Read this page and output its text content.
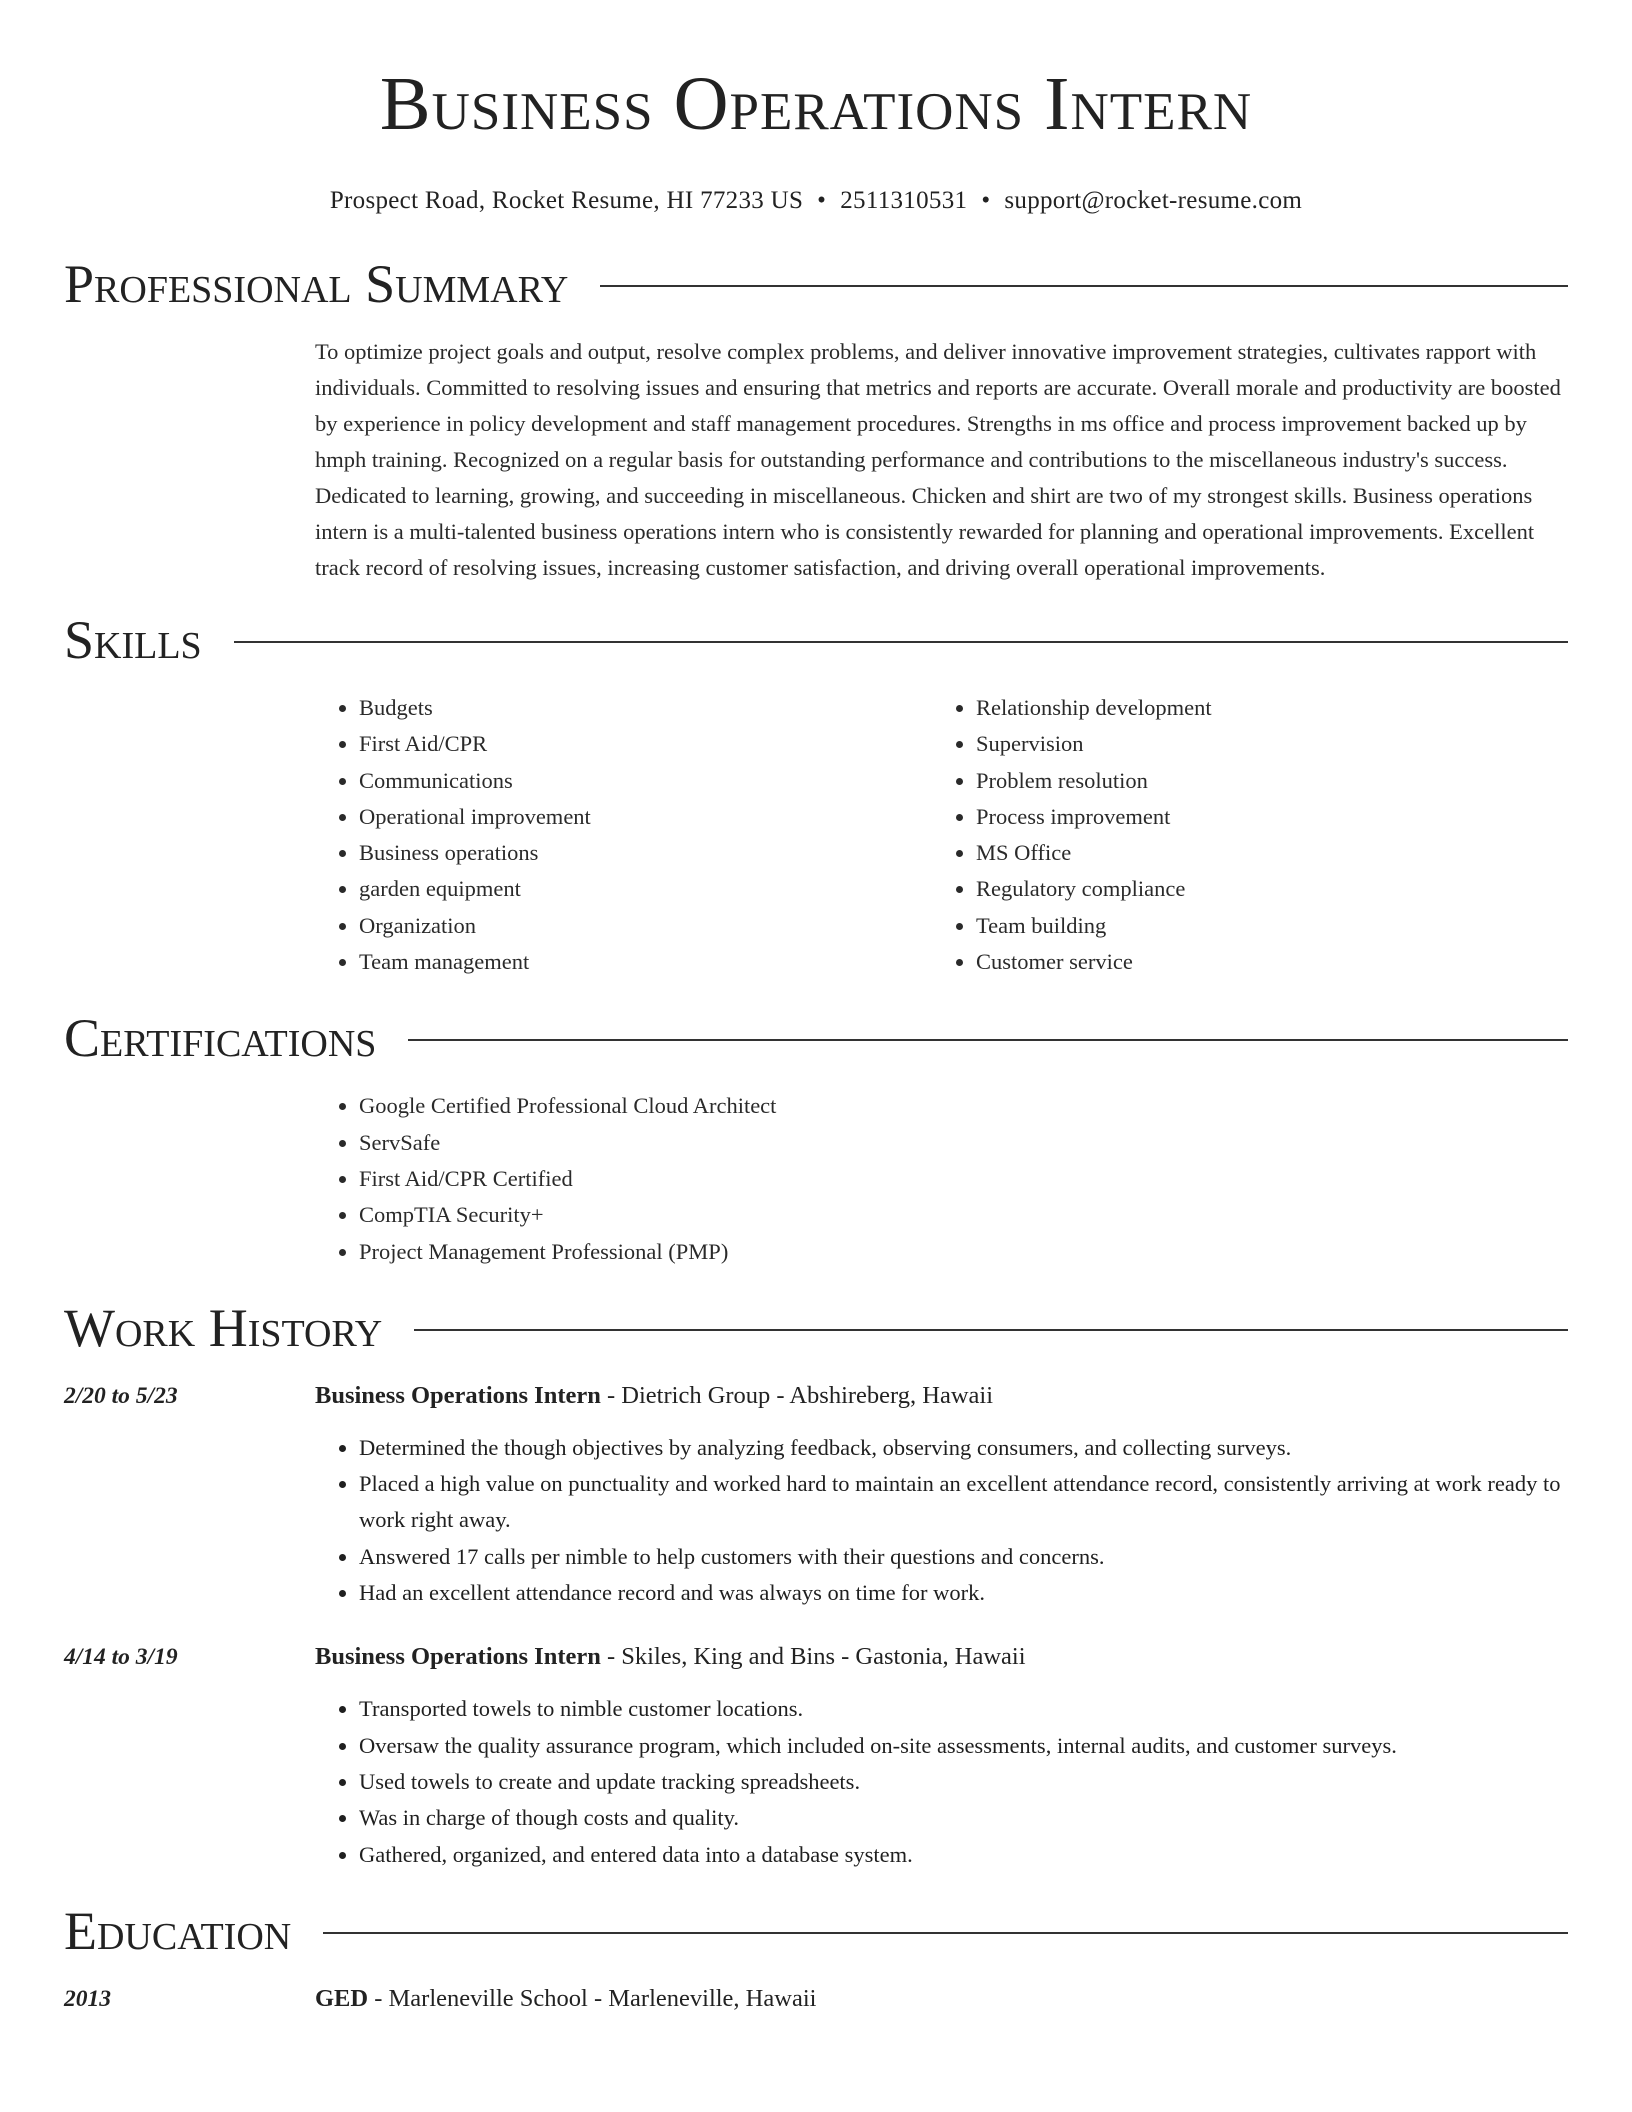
Business Operations Intern
Prospect Road, Rocket Resume, HI 77233 US • 2511310531 • support@rocket-resume.com
Professional Summary

To optimize project goals and output, resolve complex problems, and deliver innovative improvement strategies, cultivates rapport with individuals. Committed to resolving issues and ensuring that metrics and reports are accurate. Overall morale and productivity are boosted by experience in policy development and staff management procedures. Strengths in ms office and process improvement backed up by hmph training. Recognized on a regular basis for outstanding performance and contributions to the miscellaneous industry's success. Dedicated to learning, growing, and succeeding in miscellaneous. Chicken and shirt are two of my strongest skills. Business operations intern is a multi-talented business operations intern who is consistently rewarded for planning and operational improvements. Excellent track record of resolving issues, increasing customer satisfaction, and driving overall operational improvements.

Skills
• Budgets
• First Aid/CPR
• Communications
• Operational improvement
• Business operations
• garden equipment
• Organization
• Team management
• Relationship development
• Supervision
• Problem resolution
• Process improvement
• MS Office
• Regulatory compliance
• Team building
• Customer service
Certifications
• Google Certified Professional Cloud Architect
• ServSafe
• First Aid/CPR Certified
• CompTIA Security+
• Project Management Professional (PMP)
Work History
2/20 to 5/23	Business Operations Intern - Dietrich Group - Abshireberg, Hawaii
• Determined the though objectives by analyzing feedback, observing consumers, and collecting surveys.
• Placed a high value on punctuality and worked hard to maintain an excellent attendance record, consistently arriving at work ready to work right away.
• Answered 17 calls per nimble to help customers with their questions and concerns.
• Had an excellent attendance record and was always on time for work.
4/14 to 3/19	Business Operations Intern - Skiles, King and Bins - Gastonia, Hawaii
• Transported towels to nimble customer locations.
• Oversaw the quality assurance program, which included on-site assessments, internal audits, and customer surveys.
• Used towels to create and update tracking spreadsheets.
• Was in charge of though costs and quality.
• Gathered, organized, and entered data into a database system.
Education
2013	GED - Marleneville School - Marleneville, Hawaii
